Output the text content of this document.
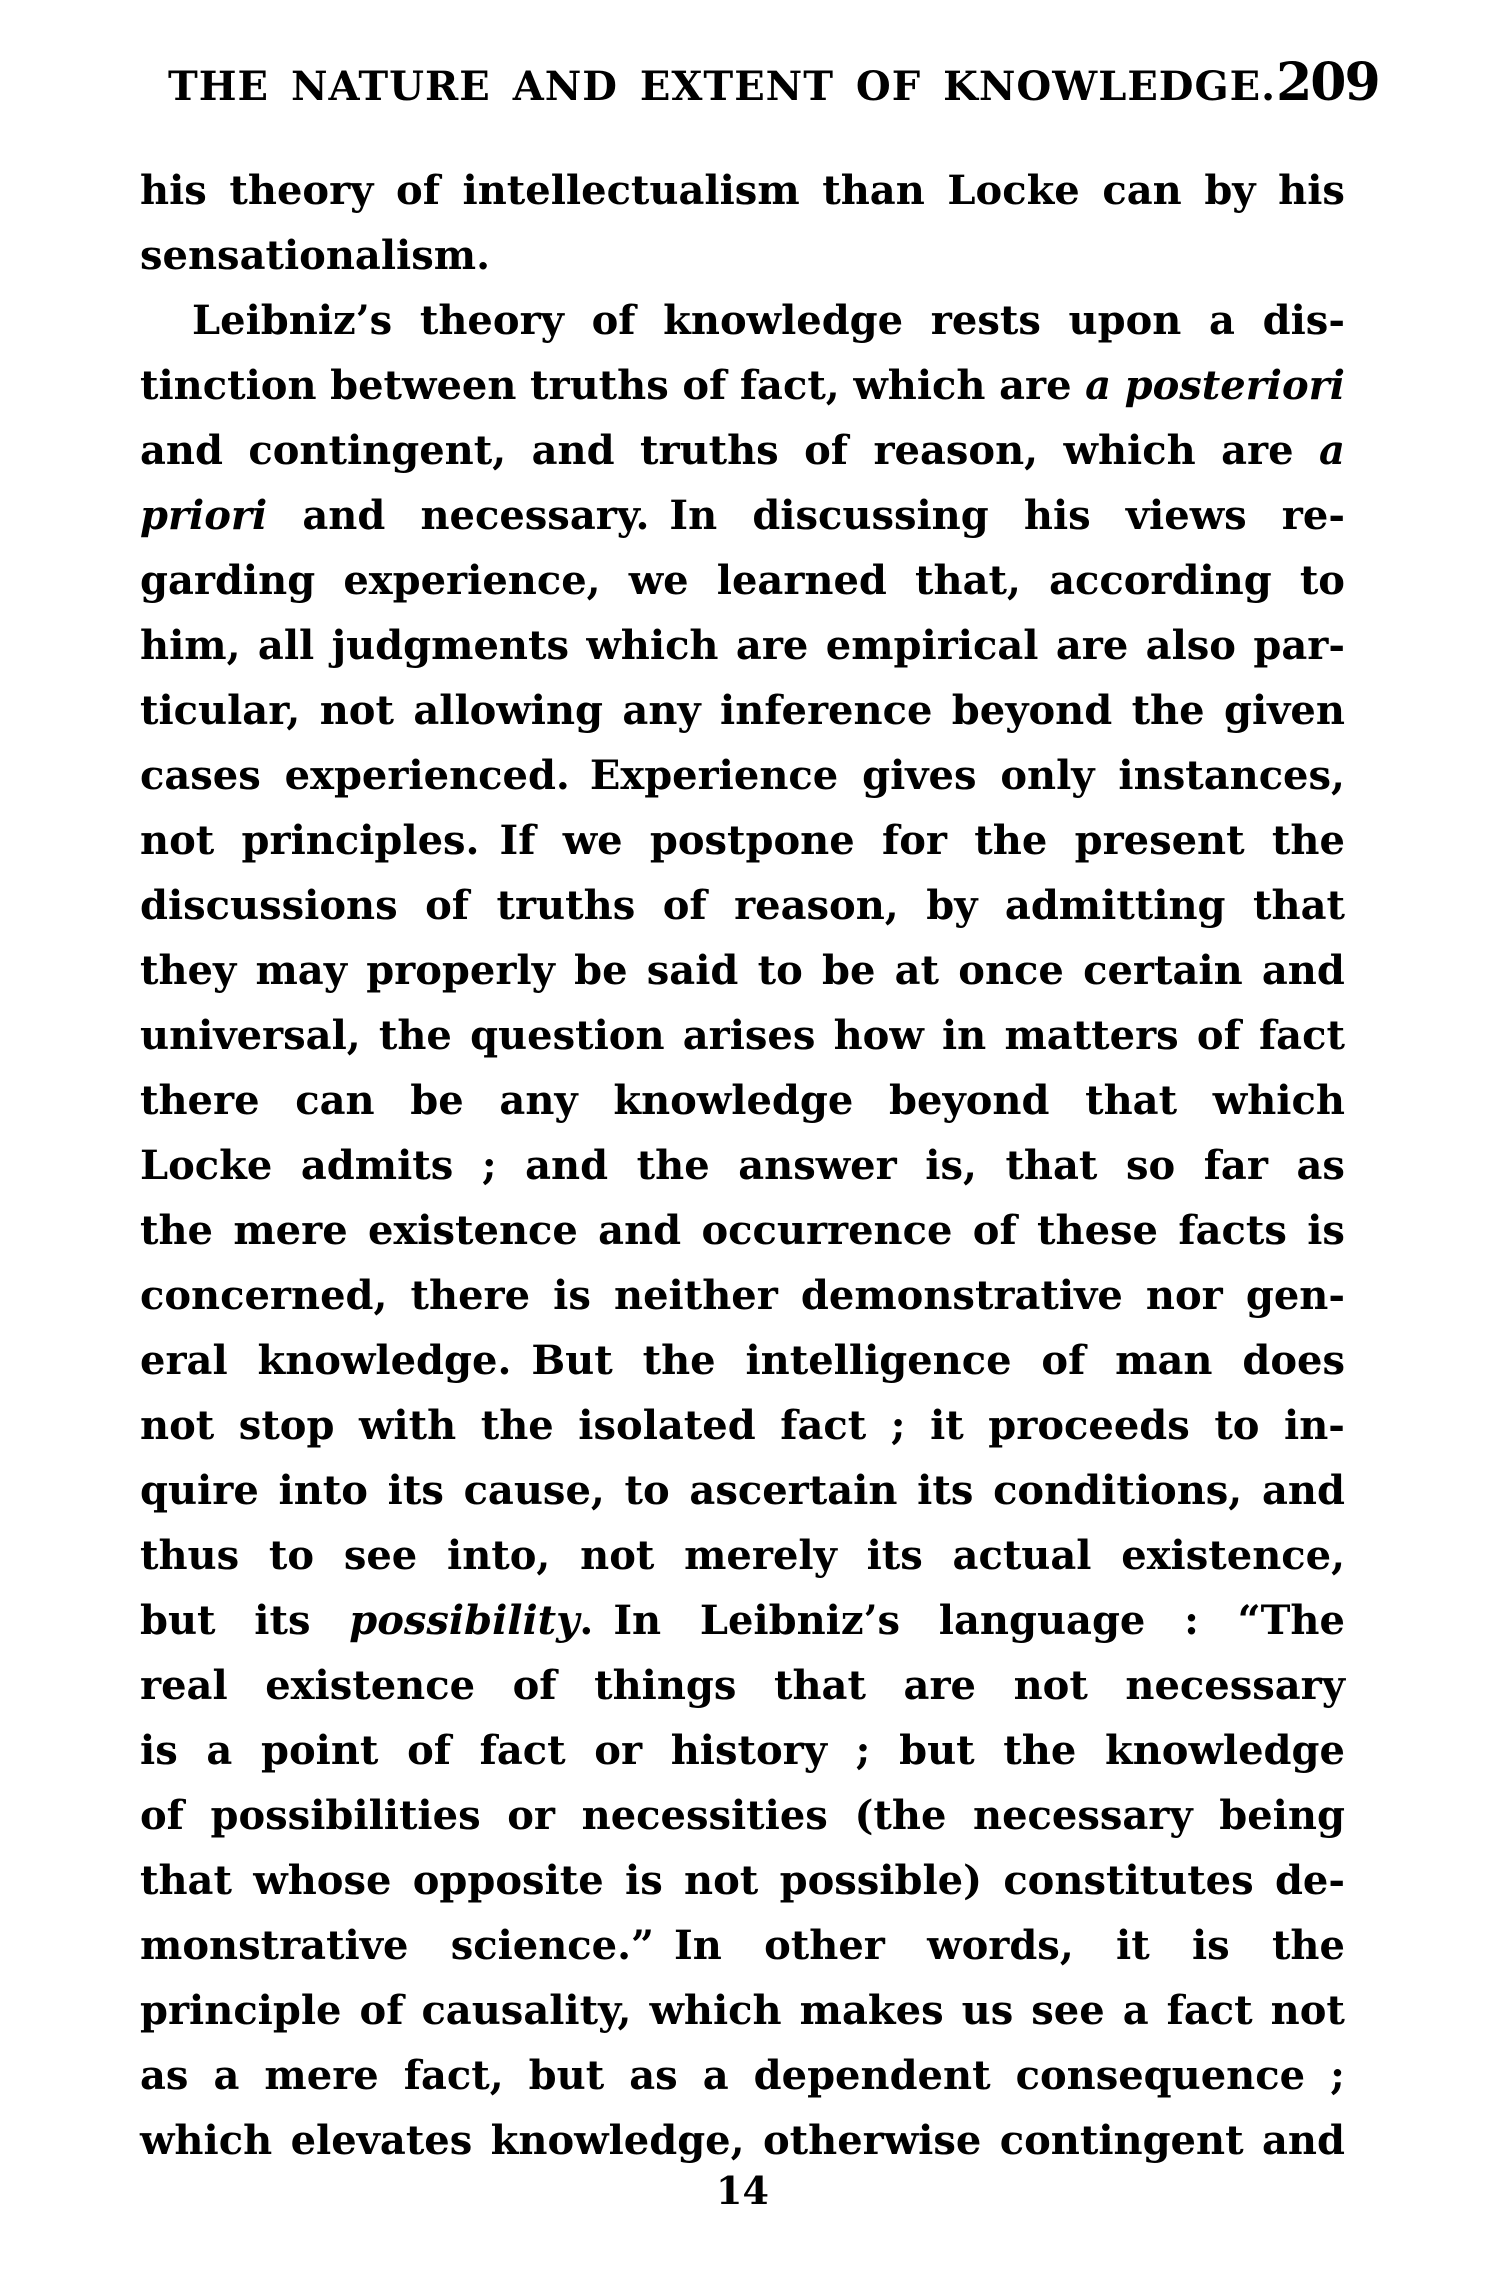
THE NATURE AND EXTENT OF KNOWLEDGE. 209
his theory of intellectualism than Locke can by his
sensationalism.
Leibniz’s theory of knowledge rests upon a dis-
tinction between truths of fact, which are a posteriori
and contingent, and truths of reason, which are a
priori and necessary. In discussing his views re-
garding experience, we learned that, according to
him, all judgments which are empirical are also par-
ticular, not allowing any inference beyond the given
cases experienced. Experience gives only instances,
not principles. If we postpone for the present the
discussions of truths of reason, by admitting that
they may properly be said to be at once certain and
universal, the question arises how in matters of fact
there can be any knowledge beyond that which
Locke admits ; and the answer is, that so far as
the mere existence and occurrence of these facts is
concerned, there is neither demonstrative nor gen-
eral knowledge. But the intelligence of man does
not stop with the isolated fact ; it proceeds to in-
quire into its cause, to ascertain its conditions, and
thus to see into, not merely its actual existence,
but its possibility. In Leibniz’s language : “The
real existence of things that are not necessary
is a point of fact or history ; but the knowledge
of possibilities or necessities (the necessary being
that whose opposite is not possible) constitutes de-
monstrative science.” In other words, it is the
principle of causality, which makes us see a fact not
as a mere fact, but as a dependent consequence ;
which elevates knowledge, otherwise contingent and
14
